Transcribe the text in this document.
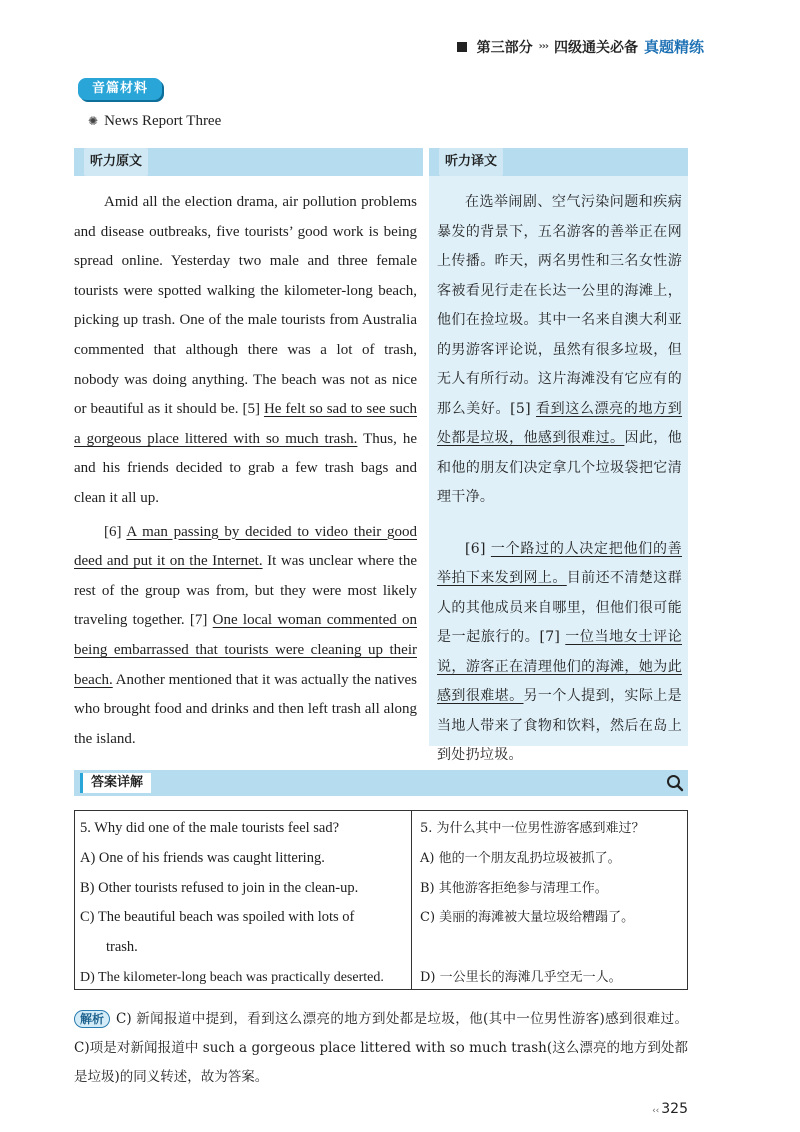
第三部分 ››› 四级通关必备 真题精练
音篇材料
✺ News Report Three
听力原文	听力译文

Amid all the election drama, air pollution problems and disease outbreaks, five tourists’ good work is being spread online. Yesterday two male and three female tourists were spotted walking the kilometer-long beach, picking up trash. One of the male tourists from Australia commented that although there was a lot of trash, nobody was doing anything. The beach was not as nice or beautiful as it should be. [5] He felt so sad to see such a gorgeous place littered with so much trash. Thus, he and his friends decided to grab a few trash bags and clean it all up.

[6] A man passing by decided to video their good deed and put it on the Internet. It was unclear where the rest of the group was from, but they were most likely traveling together. [7] One local woman commented on being embarrassed that tourists were cleaning up their beach. Another mentioned that it was actually the natives who brought food and drinks and then left trash all along the island.

在选举闹剧、空气污染问题和疾病暴发的背景下，五名游客的善举正在网上传播。昨天，两名男性和三名女性游客被看见行走在长达一公里的海滩上，他们在捡垃圾。其中一名来自澳大利亚的男游客评论说，虽然有很多垃圾，但无人有所行动。这片海滩没有它应有的那么美好。[5] 看到这么漂亮的地方到处都是垃圾，他感到很难过。因此，他和他的朋友们决定拿几个垃圾袋把它清理干净。

[6] 一个路过的人决定把他们的善举拍下来发到网上。目前还不清楚这群人的其他成员来自哪里，但他们很可能是一起旅行的。[7] 一位当地女士评论说，游客正在清理他们的海滩，她为此感到很难堪。另一个人提到，实际上是当地人带来了食物和饮料，然后在岛上到处扔垃圾。

答案详解
5. Why did one of the male tourists feel sad?
A) One of his friends was caught littering.
B) Other tourists refused to join in the clean-up.
C) The beautiful beach was spoiled with lots of
trash.
D) The kilometer-long beach was practically deserted.
5. 为什么其中一位男性游客感到难过？
A) 他的一个朋友乱扔垃圾被抓了。
B) 其他游客拒绝参与清理工作。
C) 美丽的海滩被大量垃圾给糟蹋了。

D) 一公里长的海滩几乎空无一人。
解析 C) 新闻报道中提到，看到这么漂亮的地方到处都是垃圾，他(其中一位男性游客)感到很难过。C)项是对新闻报道中 such a gorgeous place littered with so much trash(这么漂亮的地方到处都是垃圾)的同义转述，故为答案。
‹‹ 325
